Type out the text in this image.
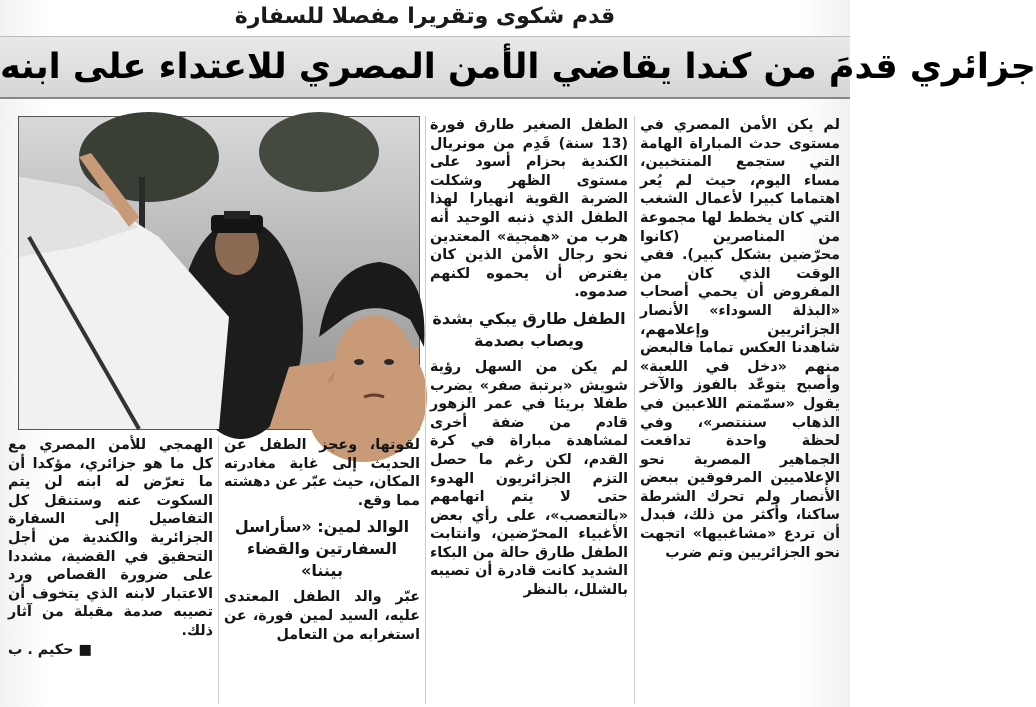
قدم شكوى وتقريرا مفصلا للسفارة
جزائري قدمَ من كندا يقاضي الأمن المصري للاعتداء على ابنه

لم يكن الأمن المصري في مستوى حدث المباراة الهامة التي ستجمع المنتخبين، مساء اليوم، حيث لم يُعر اهتماما كبيرا لأعمال الشغب التي كان يخطط لها مجموعة من المناصرين (كانوا محرّضين بشكل كبير). ففي الوقت الذي كان من المفروض أن يحمي أصحاب «البذلة السوداء» الأنصار الجزائريين وإعلامهم، شاهدنا العكس تماما فالبعض منهم «دخل في اللعبة» وأصبح يتوعّد بالفوز والآخر يقول «سمّمتم اللاعبين في الذهاب سننتصر»، وفي لحظة واحدة تدافعت الجماهير المصرية نحو الإعلاميين المرفوقين ببعض الأنصار ولم تحرك الشرطة ساكنا، وأكثر من ذلك، فبدل أن تردع «مشاغبيها» اتجهت نحو الجزائريين وتم ضرب

الطفل الصغير طارق فورة (13 سنة) قَدِم من مونريال الكندية بحزام أسود على مستوى الظهر وشكلت الضربة القوية انهيارا لهذا الطفل الذي ذنبه الوحيد أنه هرب من «همجية» المعتدين نحو رجال الأمن الذين كان يفترض أن يحموه لكنهم صدموه.

الطفل طارق يبكي بشدة ويصاب بصدمة

لم يكن من السهل رؤية شويش «برتبة صفر» يضرب طفلا بريئا في عمر الزهور قادم من ضفة أخرى لمشاهدة مباراة في كرة القدم، لكن رغم ما حصل التزم الجزائريون الهدوء حتى لا يتم اتهامهم «بالتعصب»، على رأي بعض الأغبياء المحرّضين، وانتابت الطفل طارق حالة من البكاء الشديد كانت قادرة أن تصيبه بالشلل، بالنظر

لقوتها، وعجز الطفل عن الحديث إلى غاية مغادرته المكان، حيث عبّر عن دهشته مما وقع.

الوالد لمين: «سأراسل السفارتين والقضاء بيننا»

عبّر والد الطفل المعتدى عليه، السيد لمين فورة، عن استغرابه من التعامل

الهمجي للأمن المصري مع كل ما هو جزائري، مؤكدا أن ما تعرّض له ابنه لن يتم السكوت عنه وستنقل كل التفاصيل إلى السفارة الجزائرية والكندية من أجل التحقيق في القضية، مشددا على ضرورة القصاص ورد الاعتبار لابنه الذي يتخوف أن تصيبه صدمة مقبلة من آثار ذلك.

■ حكيم . ب
